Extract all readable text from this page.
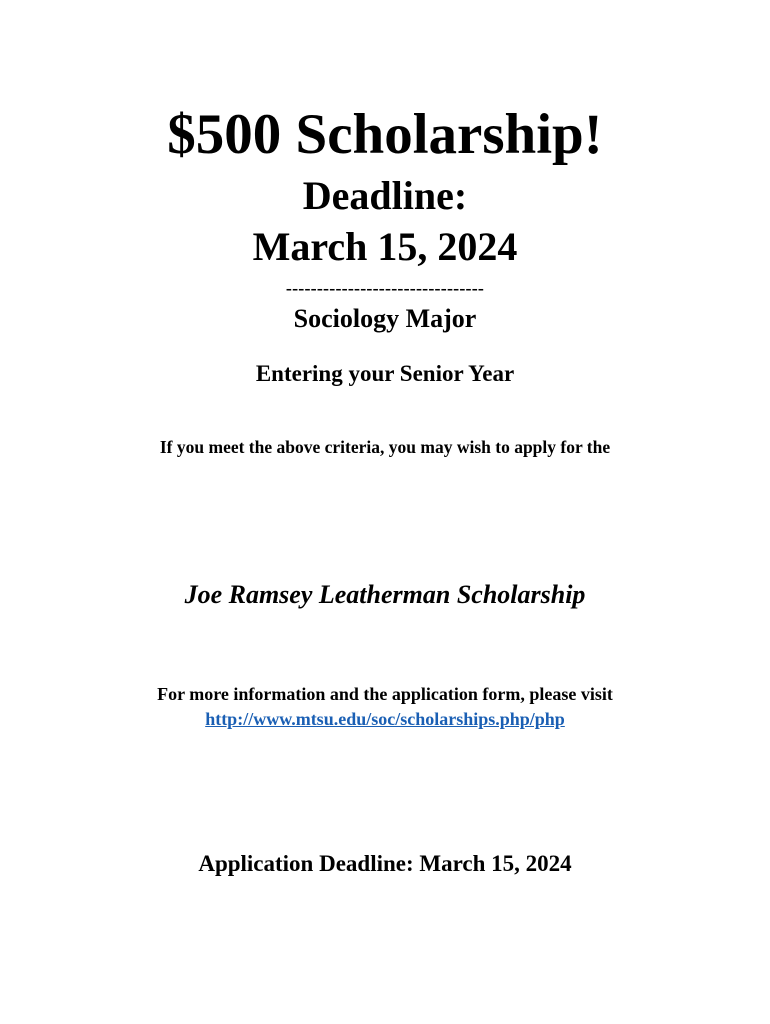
$500 Scholarship!
Deadline:
March 15, 2024
--------------------------------
Sociology Major
Entering your Senior Year
If you meet the above criteria, you may wish to apply for the
Joe Ramsey Leatherman Scholarship
For more information and the application form, please visit
http://www.mtsu.edu/soc/scholarships.php/php
Application Deadline: March 15, 2024
